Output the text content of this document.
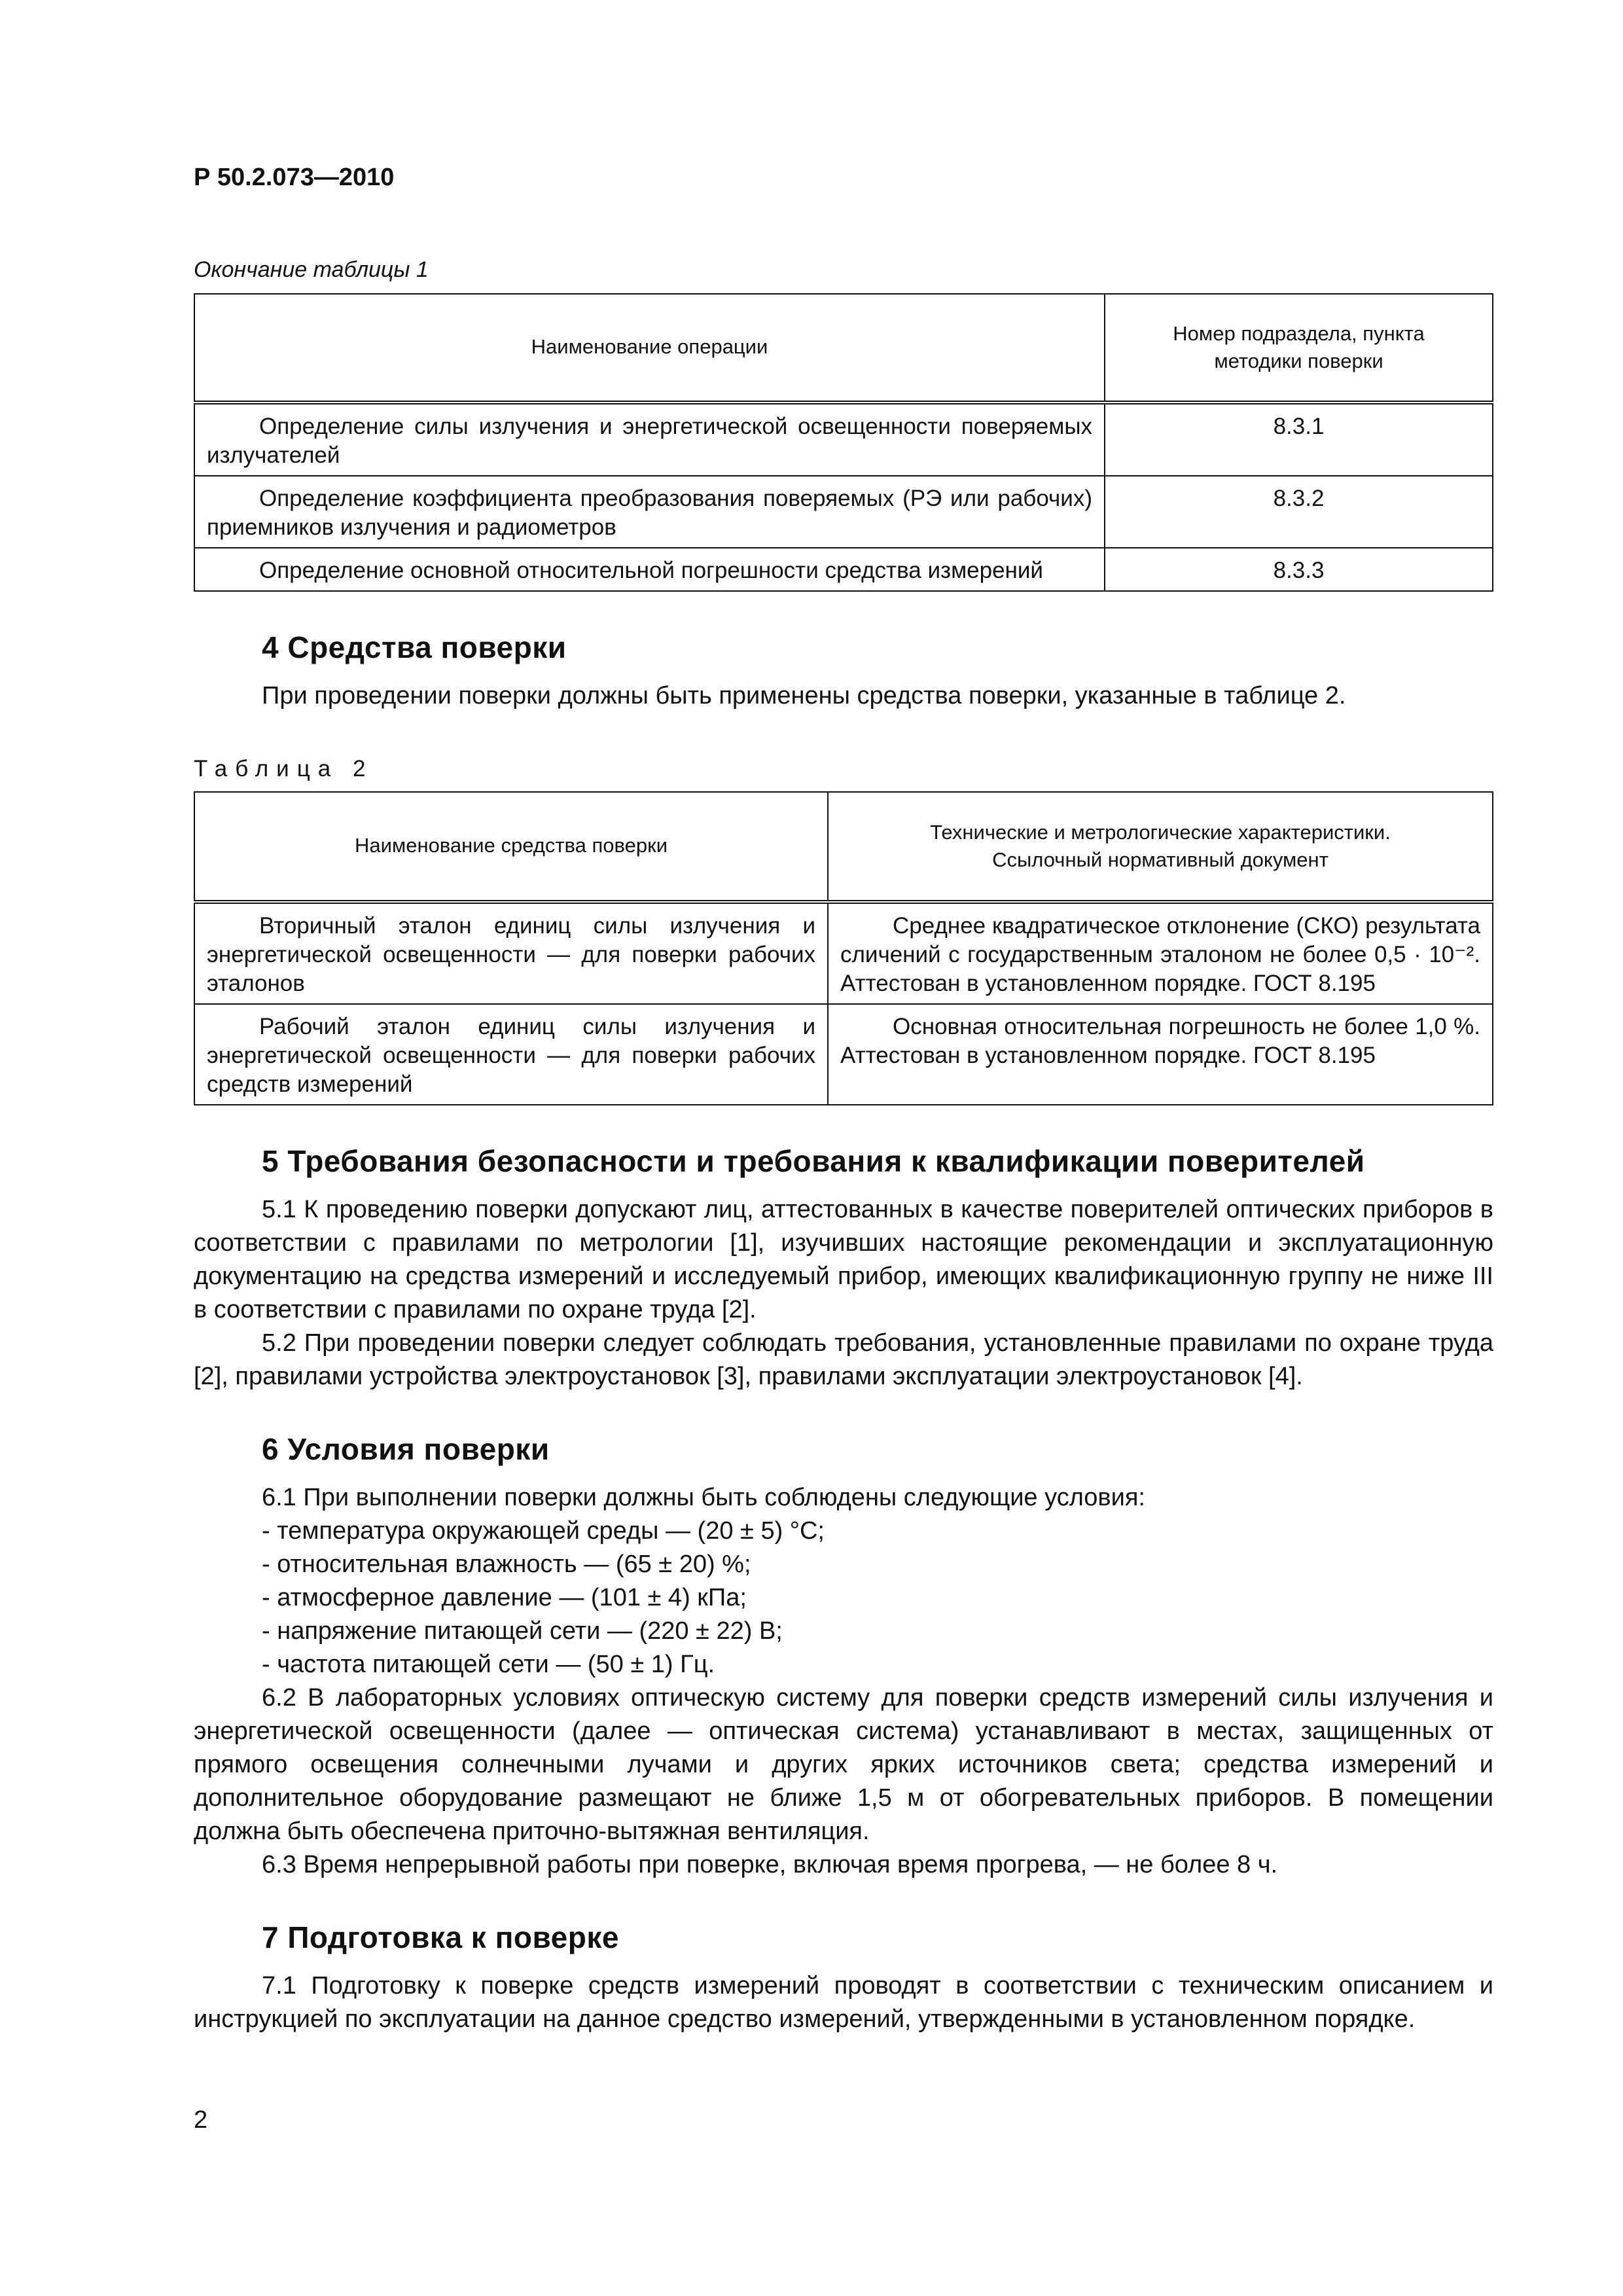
Р 50.2.073—2010
Окончание таблицы 1
Наименование операции	Номер подраздела, пункта методики поверки
Определение силы излучения и энергетической освещенности поверяемых излучателей	8.3.1
Определение коэффициента преобразования поверяемых (РЭ или рабочих) приемников излучения и радиометров	8.3.2
Определение основной относительной погрешности средства измерений	8.3.3
4 Средства поверки

При проведении поверки должны быть применены средства поверки, указанные в таблице 2.

Таблица 2
Наименование средства поверки	Технические и метрологические характеристики. Ссылочный нормативный документ
Вторичный эталон единиц силы излучения и энергетической освещенности — для поверки рабочих эталонов	Среднее квадратическое отклонение (СКО) результата сличений с государственным эталоном не более 0,5 · 10⁻². Аттестован в установленном порядке. ГОСТ 8.195
Рабочий эталон единиц силы излучения и энергетической освещенности — для поверки рабочих средств измерений	Основная относительная погрешность не более 1,0 %. Аттестован в установленном порядке. ГОСТ 8.195
5 Требования безопасности и требования к квалификации поверителей

5.1 К проведению поверки допускают лиц, аттестованных в качестве поверителей оптических приборов в соответствии с правилами по метрологии [1], изучивших настоящие рекомендации и эксплуатационную документацию на средства измерений и исследуемый прибор, имеющих квалификационную группу не ниже III в соответствии с правилами по охране труда [2].

5.2 При проведении поверки следует соблюдать требования, установленные правилами по охране труда [2], правилами устройства электроустановок [3], правилами эксплуатации электроустановок [4].

6 Условия поверки

6.1 При выполнении поверки должны быть соблюдены следующие условия:

- температура окружающей среды — (20 ± 5) °С;

- относительная влажность — (65 ± 20) %;

- атмосферное давление — (101 ± 4) кПа;

- напряжение питающей сети — (220 ± 22) В;

- частота питающей сети — (50 ± 1) Гц.

6.2 В лабораторных условиях оптическую систему для поверки средств измерений силы излучения и энергетической освещенности (далее — оптическая система) устанавливают в местах, защищенных от прямого освещения солнечными лучами и других ярких источников света; средства измерений и дополнительное оборудование размещают не ближе 1,5 м от обогревательных приборов. В помещении должна быть обеспечена приточно-вытяжная вентиляция.

6.3 Время непрерывной работы при поверке, включая время прогрева, — не более 8 ч.

7 Подготовка к поверке

7.1 Подготовку к поверке средств измерений проводят в соответствии с техническим описанием и инструкцией по эксплуатации на данное средство измерений, утвержденными в установленном порядке.

2
